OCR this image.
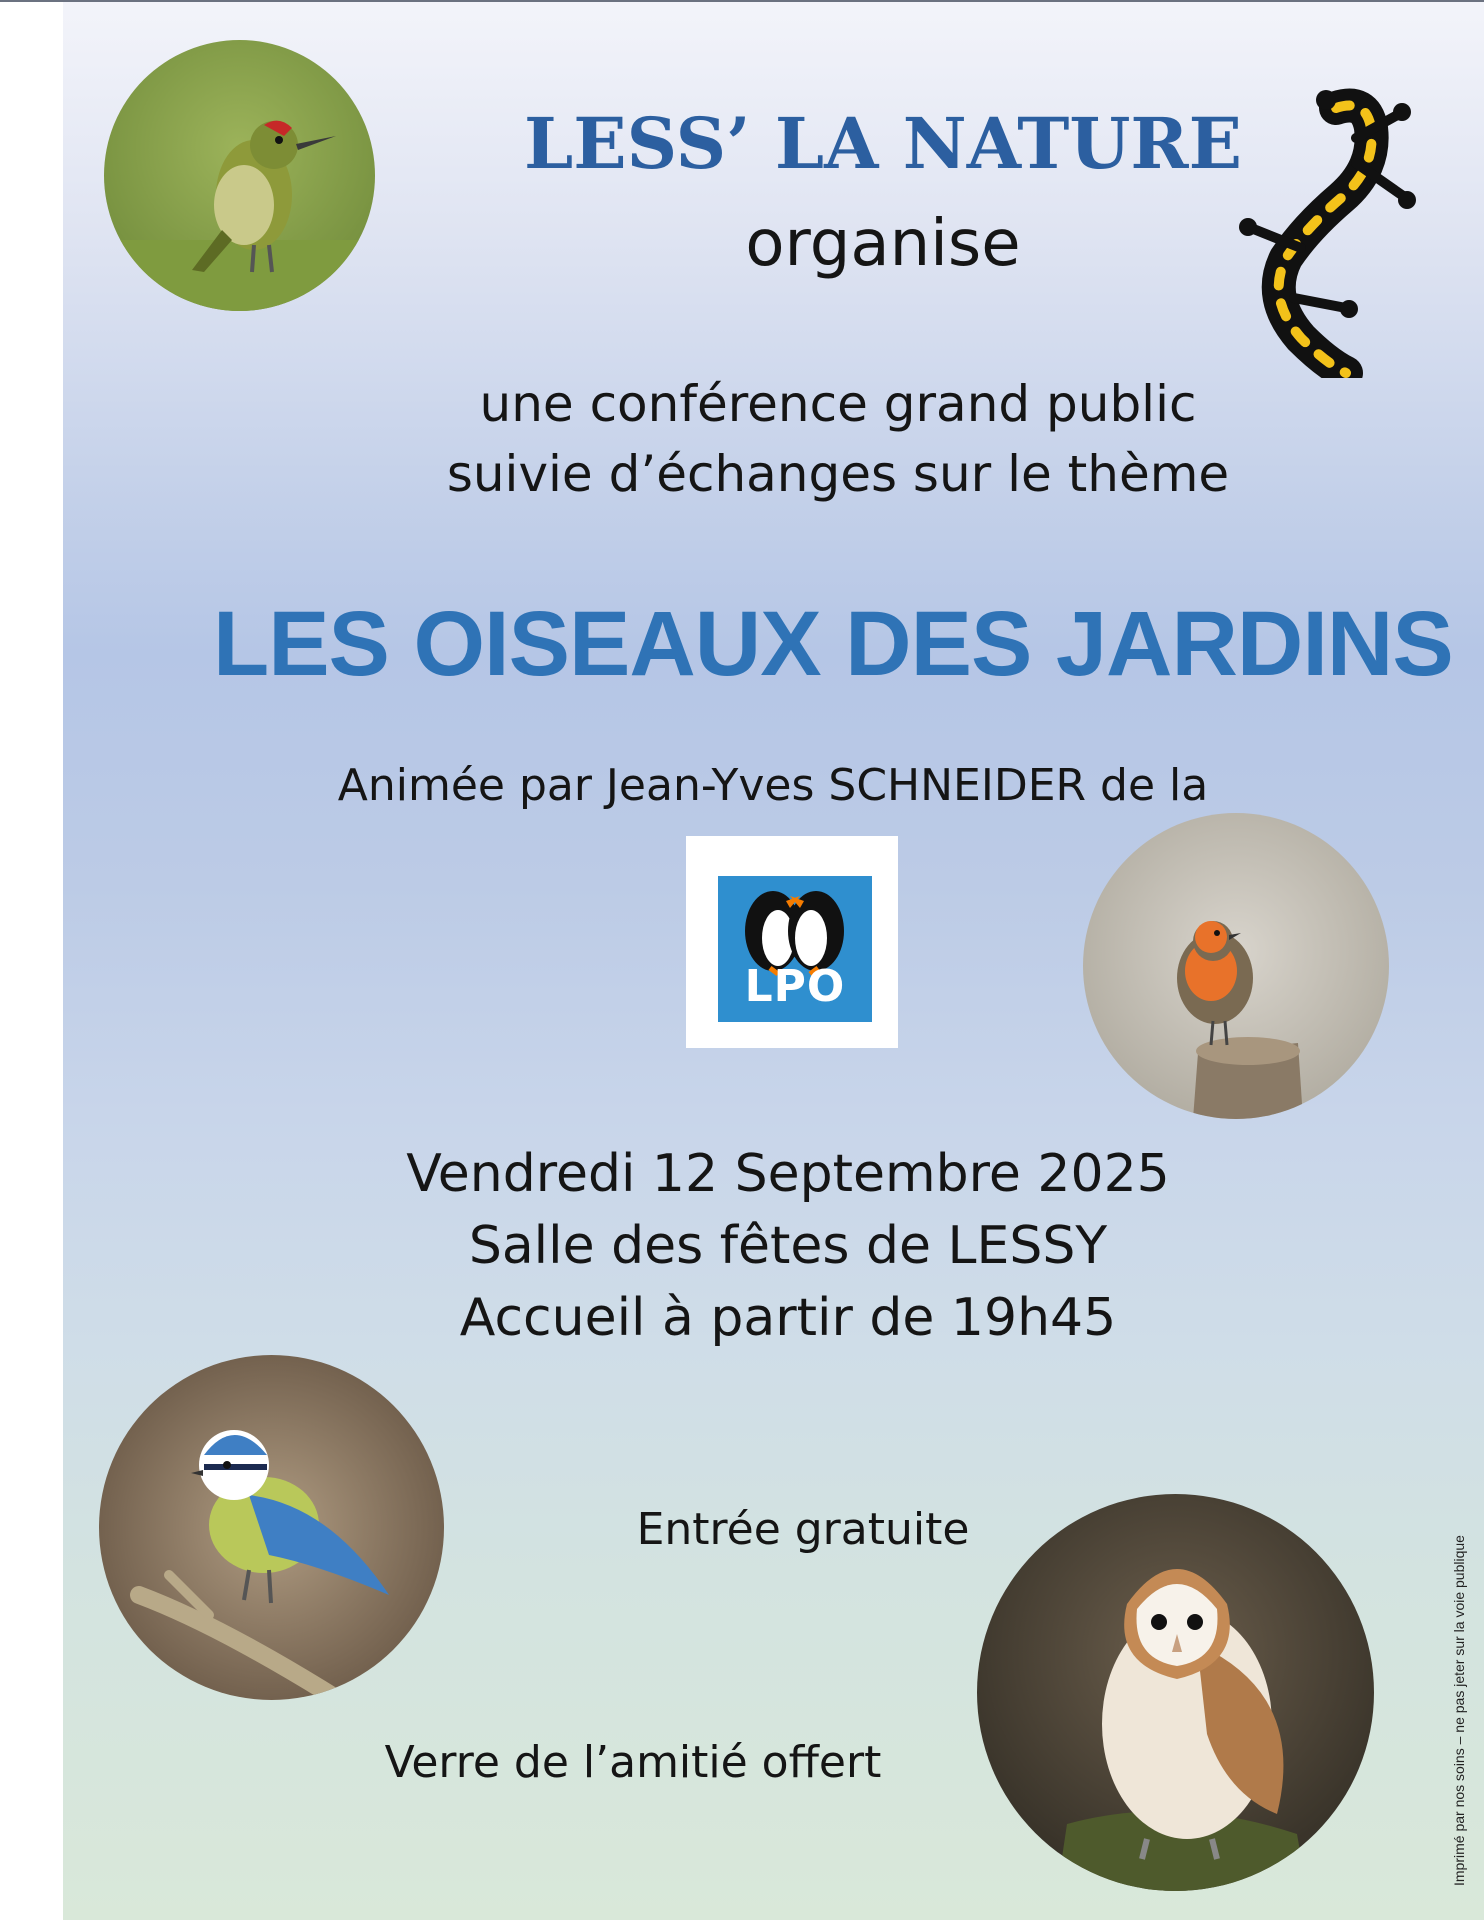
LESS’ LA NATURE
organise
une conférence grand public
suivie d’échanges sur le thème
LES OISEAUX DES JARDINS
Animée par Jean-Yves SCHNEIDER de la
LPO
Vendredi 12 Septembre 2025
Salle des fêtes de LESSY
Accueil à partir de 19h45
Entrée gratuite
Verre de l’amitié offert	Imprimé par nos soins – ne pas jeter sur la voie publique
